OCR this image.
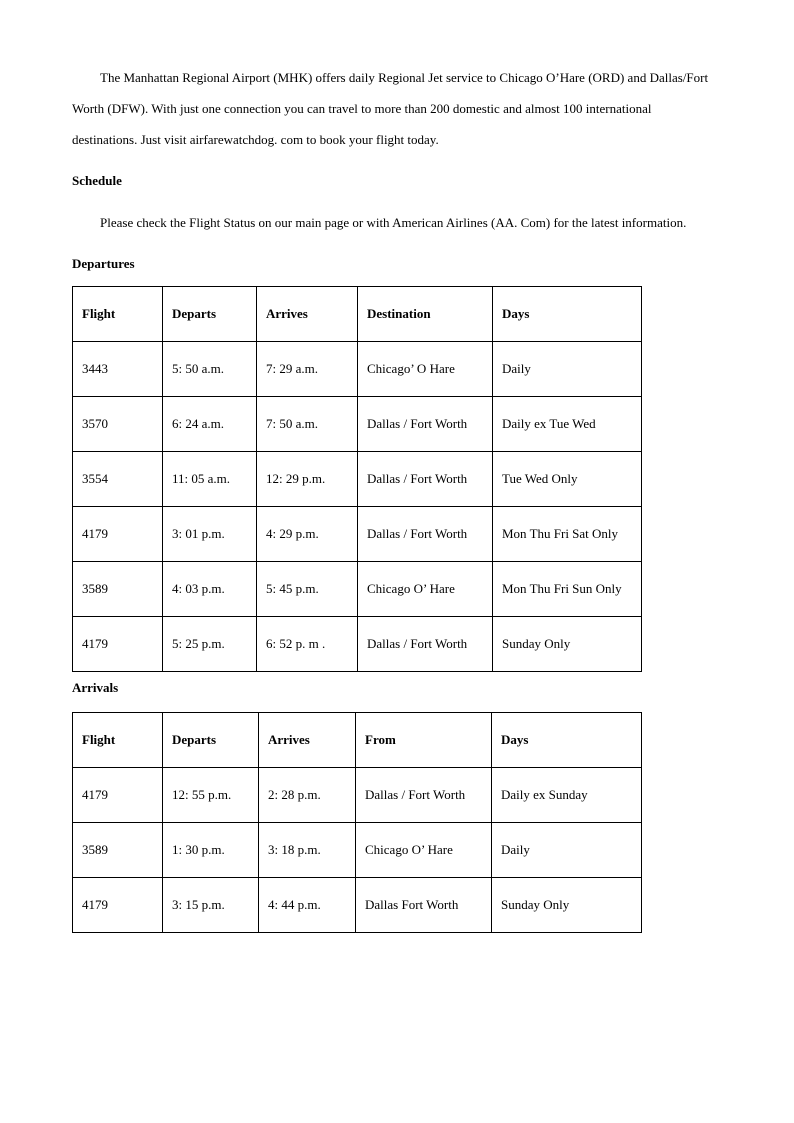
The Manhattan Regional Airport (MHK) offers daily Regional Jet service to Chicago O’Hare (ORD) and Dallas/Fort Worth (DFW). With just one connection you can travel to more than 200 domestic and almost 100 international destinations. Just visit airfarewatchdog. com to book your flight today.

Schedule

Please check the Flight Status on our main page or with American Airlines (AA. Com) for the latest information.

Departures

Flight	Departs	Arrives	Destination	Days
3443	5: 50 a.m.	7: 29 a.m.	Chicago’ O Hare	Daily
3570	6: 24 a.m.	7: 50 a.m.	Dallas / Fort Worth	Daily ex Tue Wed
3554	11: 05 a.m.	12: 29 p.m.	Dallas / Fort Worth	Tue Wed Only
4179	3: 01 p.m.	4: 29 p.m.	Dallas / Fort Worth	Mon Thu Fri Sat Only
3589	4: 03 p.m.	5: 45 p.m.	Chicago O’ Hare	Mon Thu Fri Sun Only
4179	5: 25 p.m.	6: 52 p. m .	Dallas / Fort Worth	Sunday Only

Arrivals

Flight	Departs	Arrives	From	Days
4179	12: 55 p.m.	2: 28 p.m.	Dallas / Fort Worth	Daily ex Sunday
3589	1: 30 p.m.	3: 18 p.m.	Chicago O’ Hare	Daily
4179	3: 15 p.m.	4: 44 p.m.	Dallas Fort Worth	Sunday Only
